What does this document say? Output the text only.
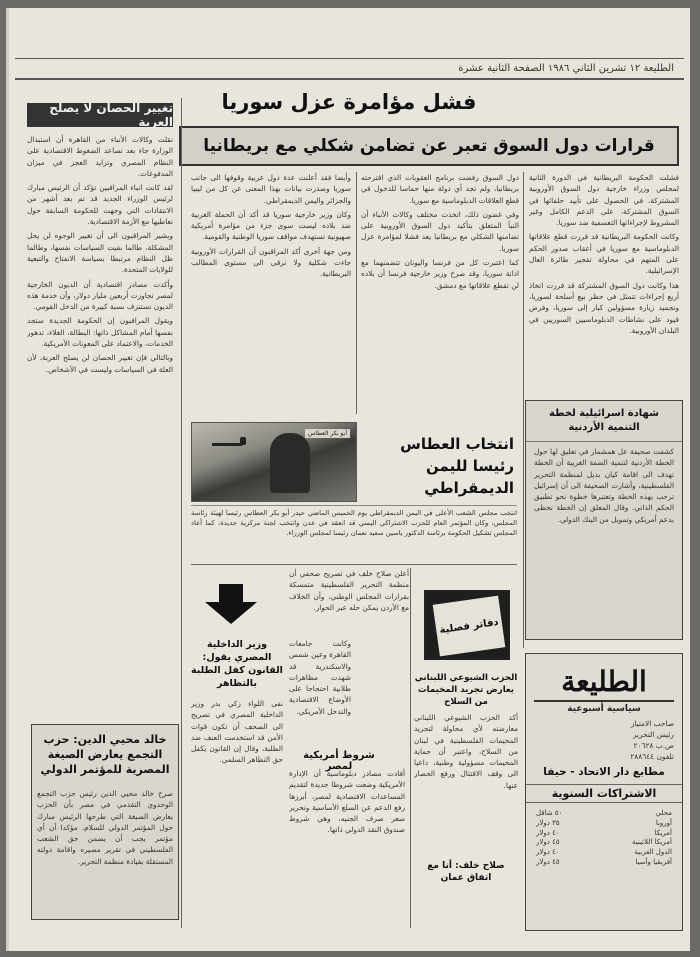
الطليعة ١٢ تشرين الثاني ١٩٨٦ الصفحة الثانية عشرة
فشل مؤامرة عزل سوريا
قرارات دول السوق تعبر عن تضامن شكلي مع بريطانيا

فشلت الحكومة البريطانية في الدورة الثانية لمجلس وزراء خارجية دول السوق الأوروبية المشتركة، في الحصول على تأييد حلفائها في السوق المشتركة، على الدعم الكامل وغير المشروط لإجراءاتها التعسفية ضد سوريا.

وكانت الحكومة البريطانية قد قررت قطع علاقاتها الدبلوماسية مع سوريا في أعقاب صدور الحكم على المتهم في محاولة تفجير طائرة العال الإسرائيلية.

هذا وكانت دول السوق المشتركة قد قررت اتخاذ أربع إجراءات تتمثل في حظر بيع أسلحة لسوريا، وتجميد زيارة مسؤولين كبار إلى سوريا، وفرض قيود على نشاطات الدبلوماسيين السوريين في البلدان الأوروبية.

دول السوق رفضت برنامج العقوبات الذي اقترحته بريطانيا، ولم تجد أي دولة منها حماسا للدخول في قطع العلاقات الدبلوماسية مع سوريا.

وفي غضون ذلك، اتخذت مختلف وكالات الأنباء أن النبأ المتعلق بتأكيد دول السوق الأوروبية على تضامنها الشكلي مع بريطانيا يعد فشلا لمؤامرة عزل سوريا.

كما اعتبرت كل من فرنسا واليونان تتضمنهما مع ادانة سوريا، وقد صرح وزير خارجية فرنسا أن بلاده لن تقطع علاقاتها مع دمشق.

وأيضا فقد أعلنت عدة دول عربية وقوفها الى جانب سوريا وصدرت بيانات بهذا المعنى عن كل من ليبيا والجزائر واليمن الديمقراطي.

وكان وزير خارجية سوريا قد أكد أن الحملة الغربية ضد بلاده ليست سوى جزء من مؤامرة أمريكية صهيونية تستهدف مواقف سوريا الوطنية والقومية.

ومن جهة أخرى أكد المراقبون أن القرارات الأوروبية جاءت شكلية ولا ترقى الى مستوى المطالب البريطانية.

تغيير الحصان لا يصلح العربة

نقلت وكالات الأنباء من القاهرة أن استبدال الوزارة جاء بعد تصاعد الضغوط الاقتصادية على النظام المصري وتزايد العجز في ميزان المدفوعات.

لقد كانت انباء المراقبين تؤكد أن الرئيس مبارك لرئيس الوزراء الجديد قد تم بعد أشهر من الانتقادات التي وجهت للحكومة السابقة حول تعاطيها مع الأزمة الاقتصادية.

ويشير المراقبون الى أن تغيير الوجوه لن يحل المشكلة، طالما بقيت السياسات نفسها، وطالما ظل النظام مرتبطا بسياسة الانفتاح والتبعية للولايات المتحدة.

وأكدت مصادر اقتصادية أن الديون الخارجية لمصر تجاوزت أربعين مليار دولار، وأن خدمة هذه الديون تستنزف نسبة كبيرة من الدخل القومي.

ويقول المراقبون إن الحكومة الجديدة ستجد نفسها أمام المشاكل ذاتها: البطالة، الغلاء، تدهور الخدمات، والاعتماد على المعونات الأمريكية.

وبالتالي فإن تغيير الحصان لن يصلح العربة، لأن العلة في السياسات وليست في الأشخاص.

شهادة اسرائيلية لخطة التنمية الأردنية
كشفت صحيفة عل همشمار في تعليق لها حول الخطة الأردنية لتنمية الضفة الغربية أن الخطة تهدف الى اقامة كيان بديل لمنظمة التحرير الفلسطينية، وأشارت الصحيفة الى أن إسرائيل ترحب بهذه الخطة وتعتبرها خطوة نحو تطبيق الحكم الذاتي. وقال المعلق إن الخطة تحظى بدعم أمريكي وتمويل من البنك الدولي.
أبو بكر العطاس
انتخاب العطاس رئيسا لليمن الديمقراطي
انتخب مجلس الشعب الأعلى في اليمن الديمقراطي يوم الخميس الماضي حيدر أبو بكر العطاس رئيسا لهيئة رئاسة المجلس، وكان المؤتمر العام للحزب الاشتراكي اليمني قد انعقد في عدن وانتخب لجنة مركزية جديدة، كما أعاد المجلس تشكيل الحكومة برئاسة الدكتور ياسين سعيد نعمان رئيسا لمجلس الوزراء.
وزير الداخلية المصري يقول: القانون كفل الطلبة بالتظاهر
نفى اللواء زكي بدر وزير الداخلية المصري في تصريح الى الصحف أن تكون قوات الأمن قد استخدمت العنف ضد الطلبة، وقال إن القانون يكفل حق التظاهر السلمي.
وكانت جامعات القاهرة وعين شمس والاسكندرية قد شهدت مظاهرات طلابية احتجاجا على الأوضاع الاقتصادية والتدخل الأمريكي.
شروط أمريكية لمصر
أفادت مصادر دبلوماسية أن الإدارة الأمريكية وضعت شروطا جديدة لتقديم المساعدات الاقتصادية لمصر، أبرزها رفع الدعم عن السلع الأساسية وتحرير سعر صرف الجنيه، وهي شروط صندوق النقد الدولي ذاتها.

أعلن صلاح خلف في تصريح صحفي أن منظمة التحرير الفلسطينية متمسكة بقرارات المجلس الوطني، وأن الخلاف مع الأردن يمكن حله عبر الحوار.

دفاتر فصلية
الحزب الشيوعي اللبناني يعارض تجريد المخيمات من السلاح
أكد الحزب الشيوعي اللبناني معارضته لأي محاولة لتجريد المخيمات الفلسطينية في لبنان من السلاح، واعتبر أن حماية المخيمات مسؤولية وطنية، داعيا الى وقف الاقتتال ورفع الحصار عنها.
صلاح خلف: أنا مع اتفاق عمان
خالد محيي الدين: حزب التجمع يعارض الصيغة المصرية للمؤتمر الدولي
صرح خالد محيي الدين رئيس حزب التجمع الوحدوي التقدمي في مصر بأن الحزب يعارض الصيغة التي طرحها الرئيس مبارك حول المؤتمر الدولي للسلام، مؤكدا أن أي مؤتمر يجب أن يضمن حق الشعب الفلسطيني في تقرير مصيره واقامة دولته المستقلة بقيادة منظمة التحرير.
الطليعة
سياسية أسبوعية
صاحب الامتياز
رئيس التحرير
ص.ب ٢٠٦٢٨
تلفون ٢٨٨٦٤٤
مطابع دار الاتحاد - حيفا
الاشتراكات السنوية
محلي
٥٠ شاقل
أوروبا
٣٥ دولار
أمريكا
٤٠ دولار
أمريكا اللاتينية
٤٥ دولار
الدول العربية
٤٠ دولار
أفريقيا وآسيا
٤٥ دولار
